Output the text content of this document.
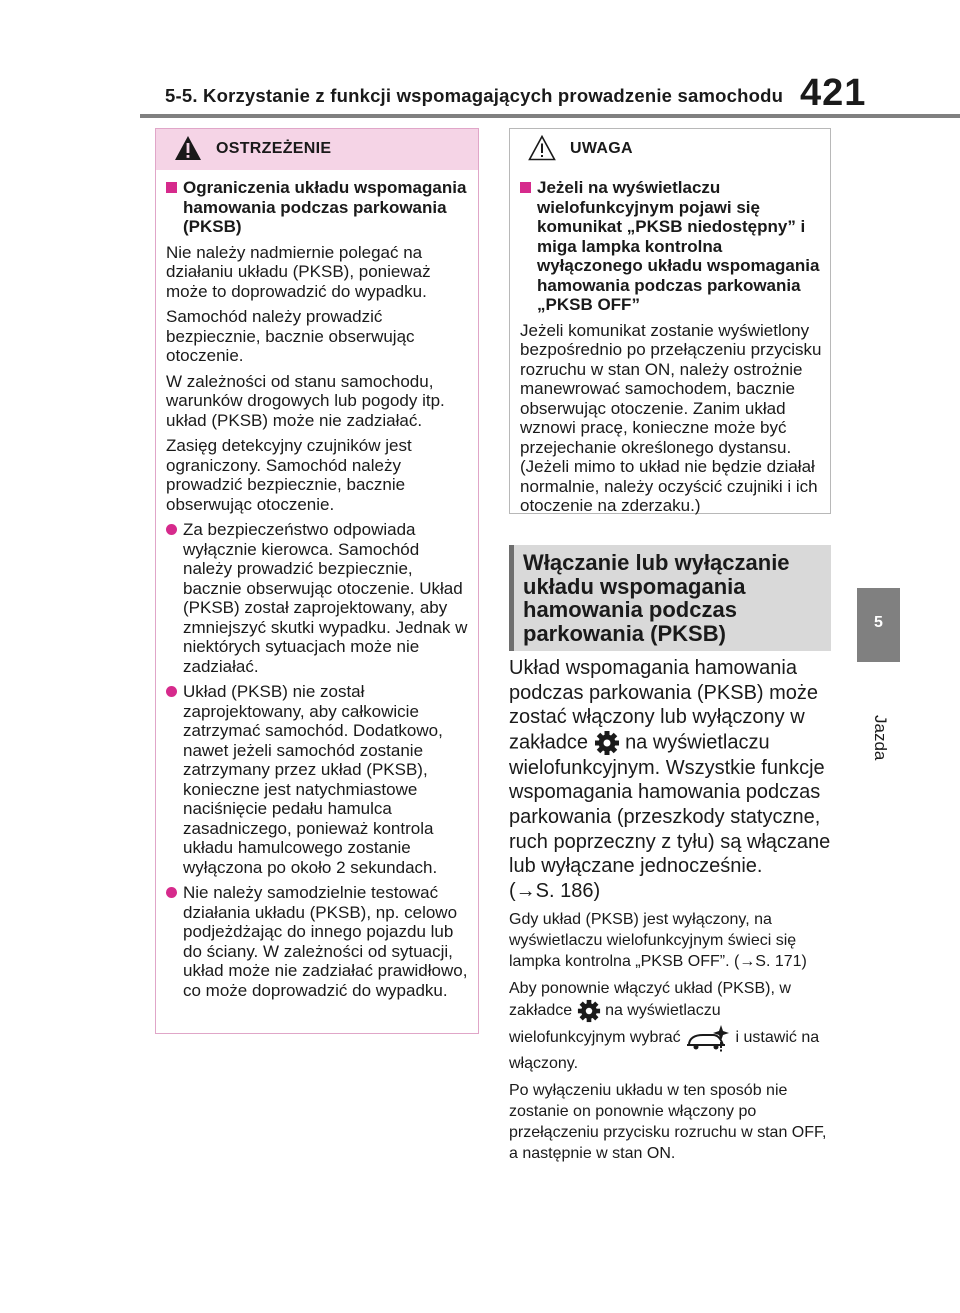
5-5. Korzystanie z funkcji wspomagających prowadzenie samochodu 421
5
Jazda
OSTRZEŻENIE
Ograniczenia układu wspomagania hamowania podczas parkowania (PKSB)

Nie należy nadmiernie polegać na działaniu układu (PKSB), ponieważ może to doprowadzić do wypadku.

Samochód należy prowadzić bezpiecznie, bacznie obserwując otoczenie.

W zależności od stanu samochodu, warunków drogowych lub pogody itp. układ (PKSB) może nie zadziałać.

Zasięg detekcyjny czujników jest ograniczony. Samochód należy prowadzić bezpiecznie, bacznie obserwując otoczenie.

Za bezpieczeństwo odpowiada wyłącznie kierowca. Samochód należy prowadzić bezpiecznie, bacznie obserwując otoczenie. Układ (PKSB) został zaprojektowany, aby zmniejszyć skutki wypadku. Jednak w niektórych sytuacjach może nie zadziałać.
Układ (PKSB) nie został zaprojektowany, aby całkowicie zatrzymać samochód. Dodatkowo, nawet jeżeli samochód zostanie zatrzymany przez układ (PKSB), konieczne jest natychmiastowe naciśnięcie pedału hamulca zasadniczego, ponieważ kontrola układu hamulcowego zostanie wyłączona po około 2 sekundach.
Nie należy samodzielnie testować działania układu (PKSB), np. celowo podjeżdżając do innego pojazdu lub do ściany. W zależności od sytuacji, układ może nie zadziałać prawidłowo, co może doprowadzić do wypadku.
UWAGA
Jeżeli na wyświetlaczu wielofunkcyjnym pojawi się komunikat „PKSB niedostępny” i miga lampka kontrolna wyłączonego układu wspomagania hamowania podczas parkowania „PKSB OFF”

Jeżeli komunikat zostanie wyświetlony bezpośrednio po przełączeniu przycisku rozruchu w stan ON, należy ostrożnie manewrować samochodem, bacznie obserwując otoczenie. Zanim układ wznowi pracę, konieczne może być przejechanie określonego dystansu. (Jeżeli mimo to układ nie będzie działał normalnie, należy oczyścić czujniki i ich otoczenie na zderzaku.)

Włączanie lub wyłączanie układu wspomagania hamowania podczas parkowania (PKSB)
Układ wspomagania hamowania podczas parkowania (PKSB) może zostać włączony lub wyłączony w zakładce na wyświetlaczu wielofunkcyjnym. Wszystkie funkcje wspomagania hamowania podczas parkowania (przeszkody statyczne, ruch poprzeczny z tyłu) są włączane lub wyłączane jednocześnie.
(→S. 186)
Gdy układ (PKSB) jest wyłączony, na wyświetlaczu wielofunkcyjnym świeci się lampka kontrolna „PKSB OFF”. (→S. 171)
Aby ponownie włączyć układ (PKSB), w zakładce na wyświetlaczu wielofunkcyjnym wybrać	i ustawić na włączony.
Po wyłączeniu układu w ten sposób nie zostanie on ponownie włączony po przełączeniu przycisku rozruchu w stan OFF, a następnie w stan ON.
